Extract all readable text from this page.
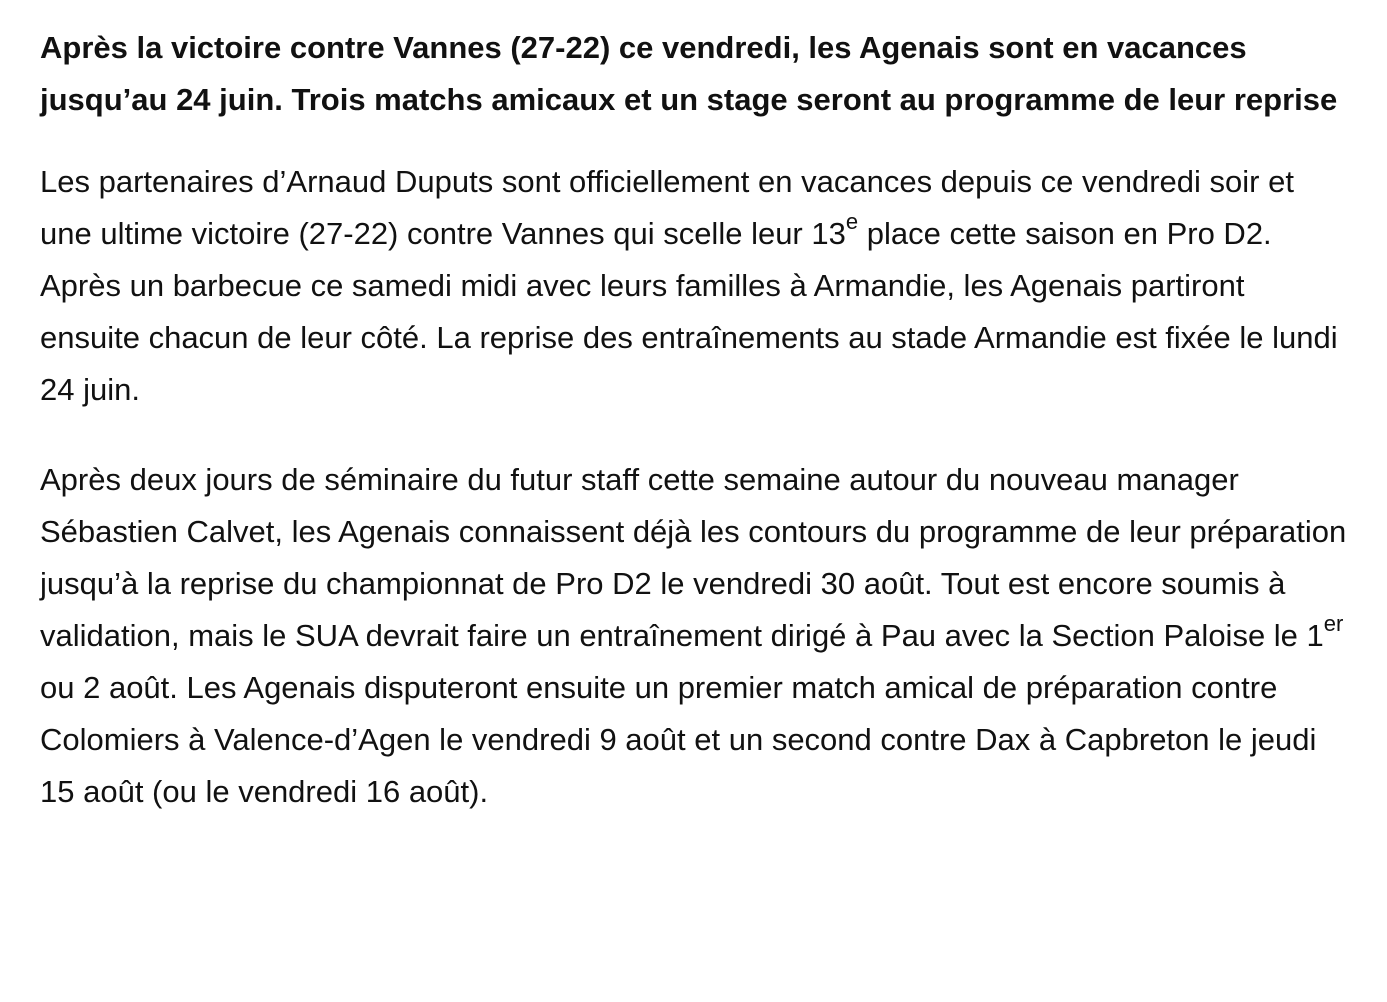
Après la victoire contre Vannes (27-22) ce vendredi, les Agenais sont en vacances jusqu’au 24 juin. Trois matchs amicaux et un stage seront au programme de leur reprise

Les partenaires d’Arnaud Duputs sont officiellement en vacances depuis ce vendredi soir et une ultime victoire (27-22) contre Vannes qui scelle leur 13e place cette saison en Pro D2. Après un barbecue ce samedi midi avec leurs familles à Armandie, les Agenais partiront ensuite chacun de leur côté. La reprise des entraînements au stade Armandie est fixée le lundi 24 juin.

Après deux jours de séminaire du futur staff cette semaine autour du nouveau manager Sébastien Calvet, les Agenais connaissent déjà les contours du programme de leur préparation jusqu’à la reprise du championnat de Pro D2 le vendredi 30 août. Tout est encore soumis à validation, mais le SUA devrait faire un entraînement dirigé à Pau avec la Section Paloise le 1er ou 2 août. Les Agenais disputeront ensuite un premier match amical de préparation contre Colomiers à Valence-d’Agen le vendredi 9 août et un second contre Dax à Capbreton le jeudi 15 août (ou le vendredi 16 août).
